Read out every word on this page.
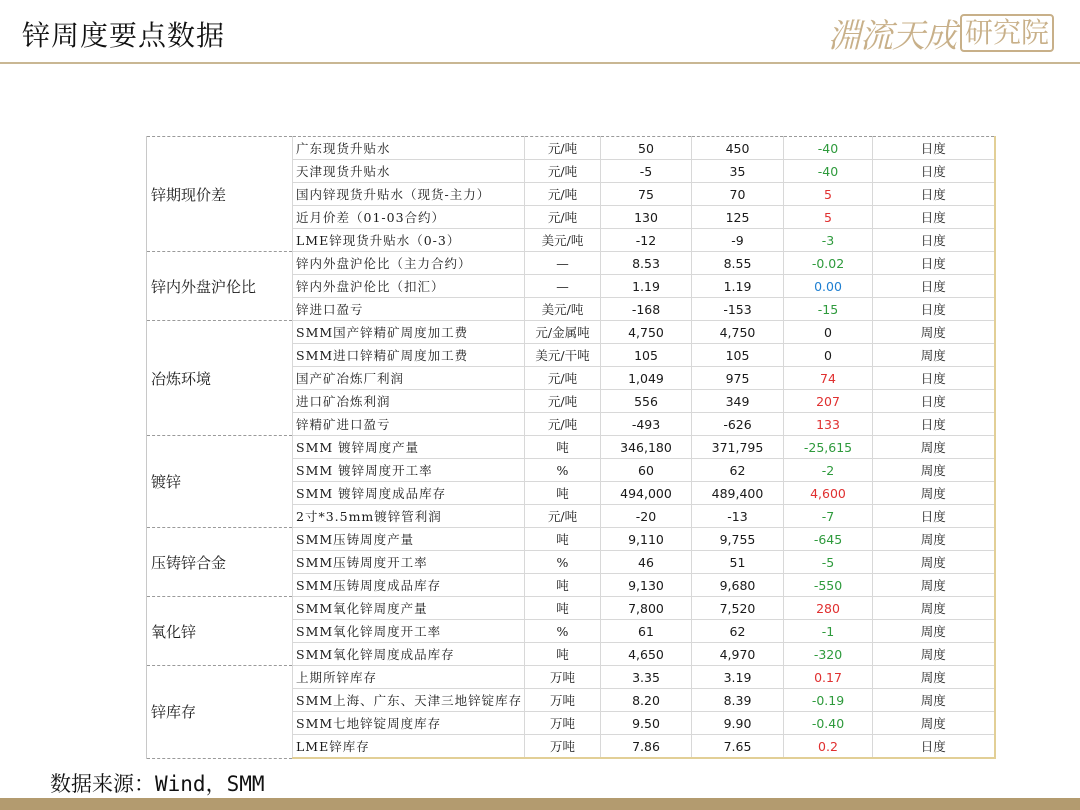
锌周度要点数据	淵流天成 研究院
锌期现价差	广东现货升贴水	元/吨	50	450	-40	日度
	天津现货升贴水	元/吨	-5	35	-40	日度
	国内锌现货升贴水（现货-主力）	元/吨	75	70	5	日度
	近月价差（01-03合约）	元/吨	130	125	5	日度
	LME锌现货升贴水（0-3）	美元/吨	-12	-9	-3	日度
锌内外盘沪伦比	锌内外盘沪伦比（主力合约）	—	8.53	8.55	-0.02	日度
	锌内外盘沪伦比（扣汇）	—	1.19	1.19	0.00	日度
	锌进口盈亏	美元/吨	-168	-153	-15	日度
冶炼环境	SMM国产锌精矿周度加工费	元/金属吨	4,750	4,750	0	周度
	SMM进口锌精矿周度加工费	美元/干吨	105	105	0	周度
	国产矿冶炼厂利润	元/吨	1,049	975	74	日度
	进口矿冶炼利润	元/吨	556	349	207	日度
	锌精矿进口盈亏	元/吨	-493	-626	133	日度
镀锌	SMM 镀锌周度产量	吨	346,180	371,795	-25,615	周度
	SMM 镀锌周度开工率	%	60	62	-2	周度
	SMM 镀锌周度成品库存	吨	494,000	489,400	4,600	周度
	2寸*3.5mm镀锌管利润	元/吨	-20	-13	-7	日度
压铸锌合金	SMM压铸周度产量	吨	9,110	9,755	-645	周度
	SMM压铸周度开工率	%	46	51	-5	周度
	SMM压铸周度成品库存	吨	9,130	9,680	-550	周度
氧化锌	SMM氧化锌周度产量	吨	7,800	7,520	280	周度
	SMM氧化锌周度开工率	%	61	62	-1	周度
	SMM氧化锌周度成品库存	吨	4,650	4,970	-320	周度
锌库存	上期所锌库存	万吨	3.35	3.19	0.17	周度
	SMM上海、广东、天津三地锌锭库存	万吨	8.20	8.39	-0.19	周度
	SMM七地锌锭周度库存	万吨	9.50	9.90	-0.40	周度
	LME锌库存	万吨	7.86	7.65	0.2	日度
数据来源：Wind，SMM
